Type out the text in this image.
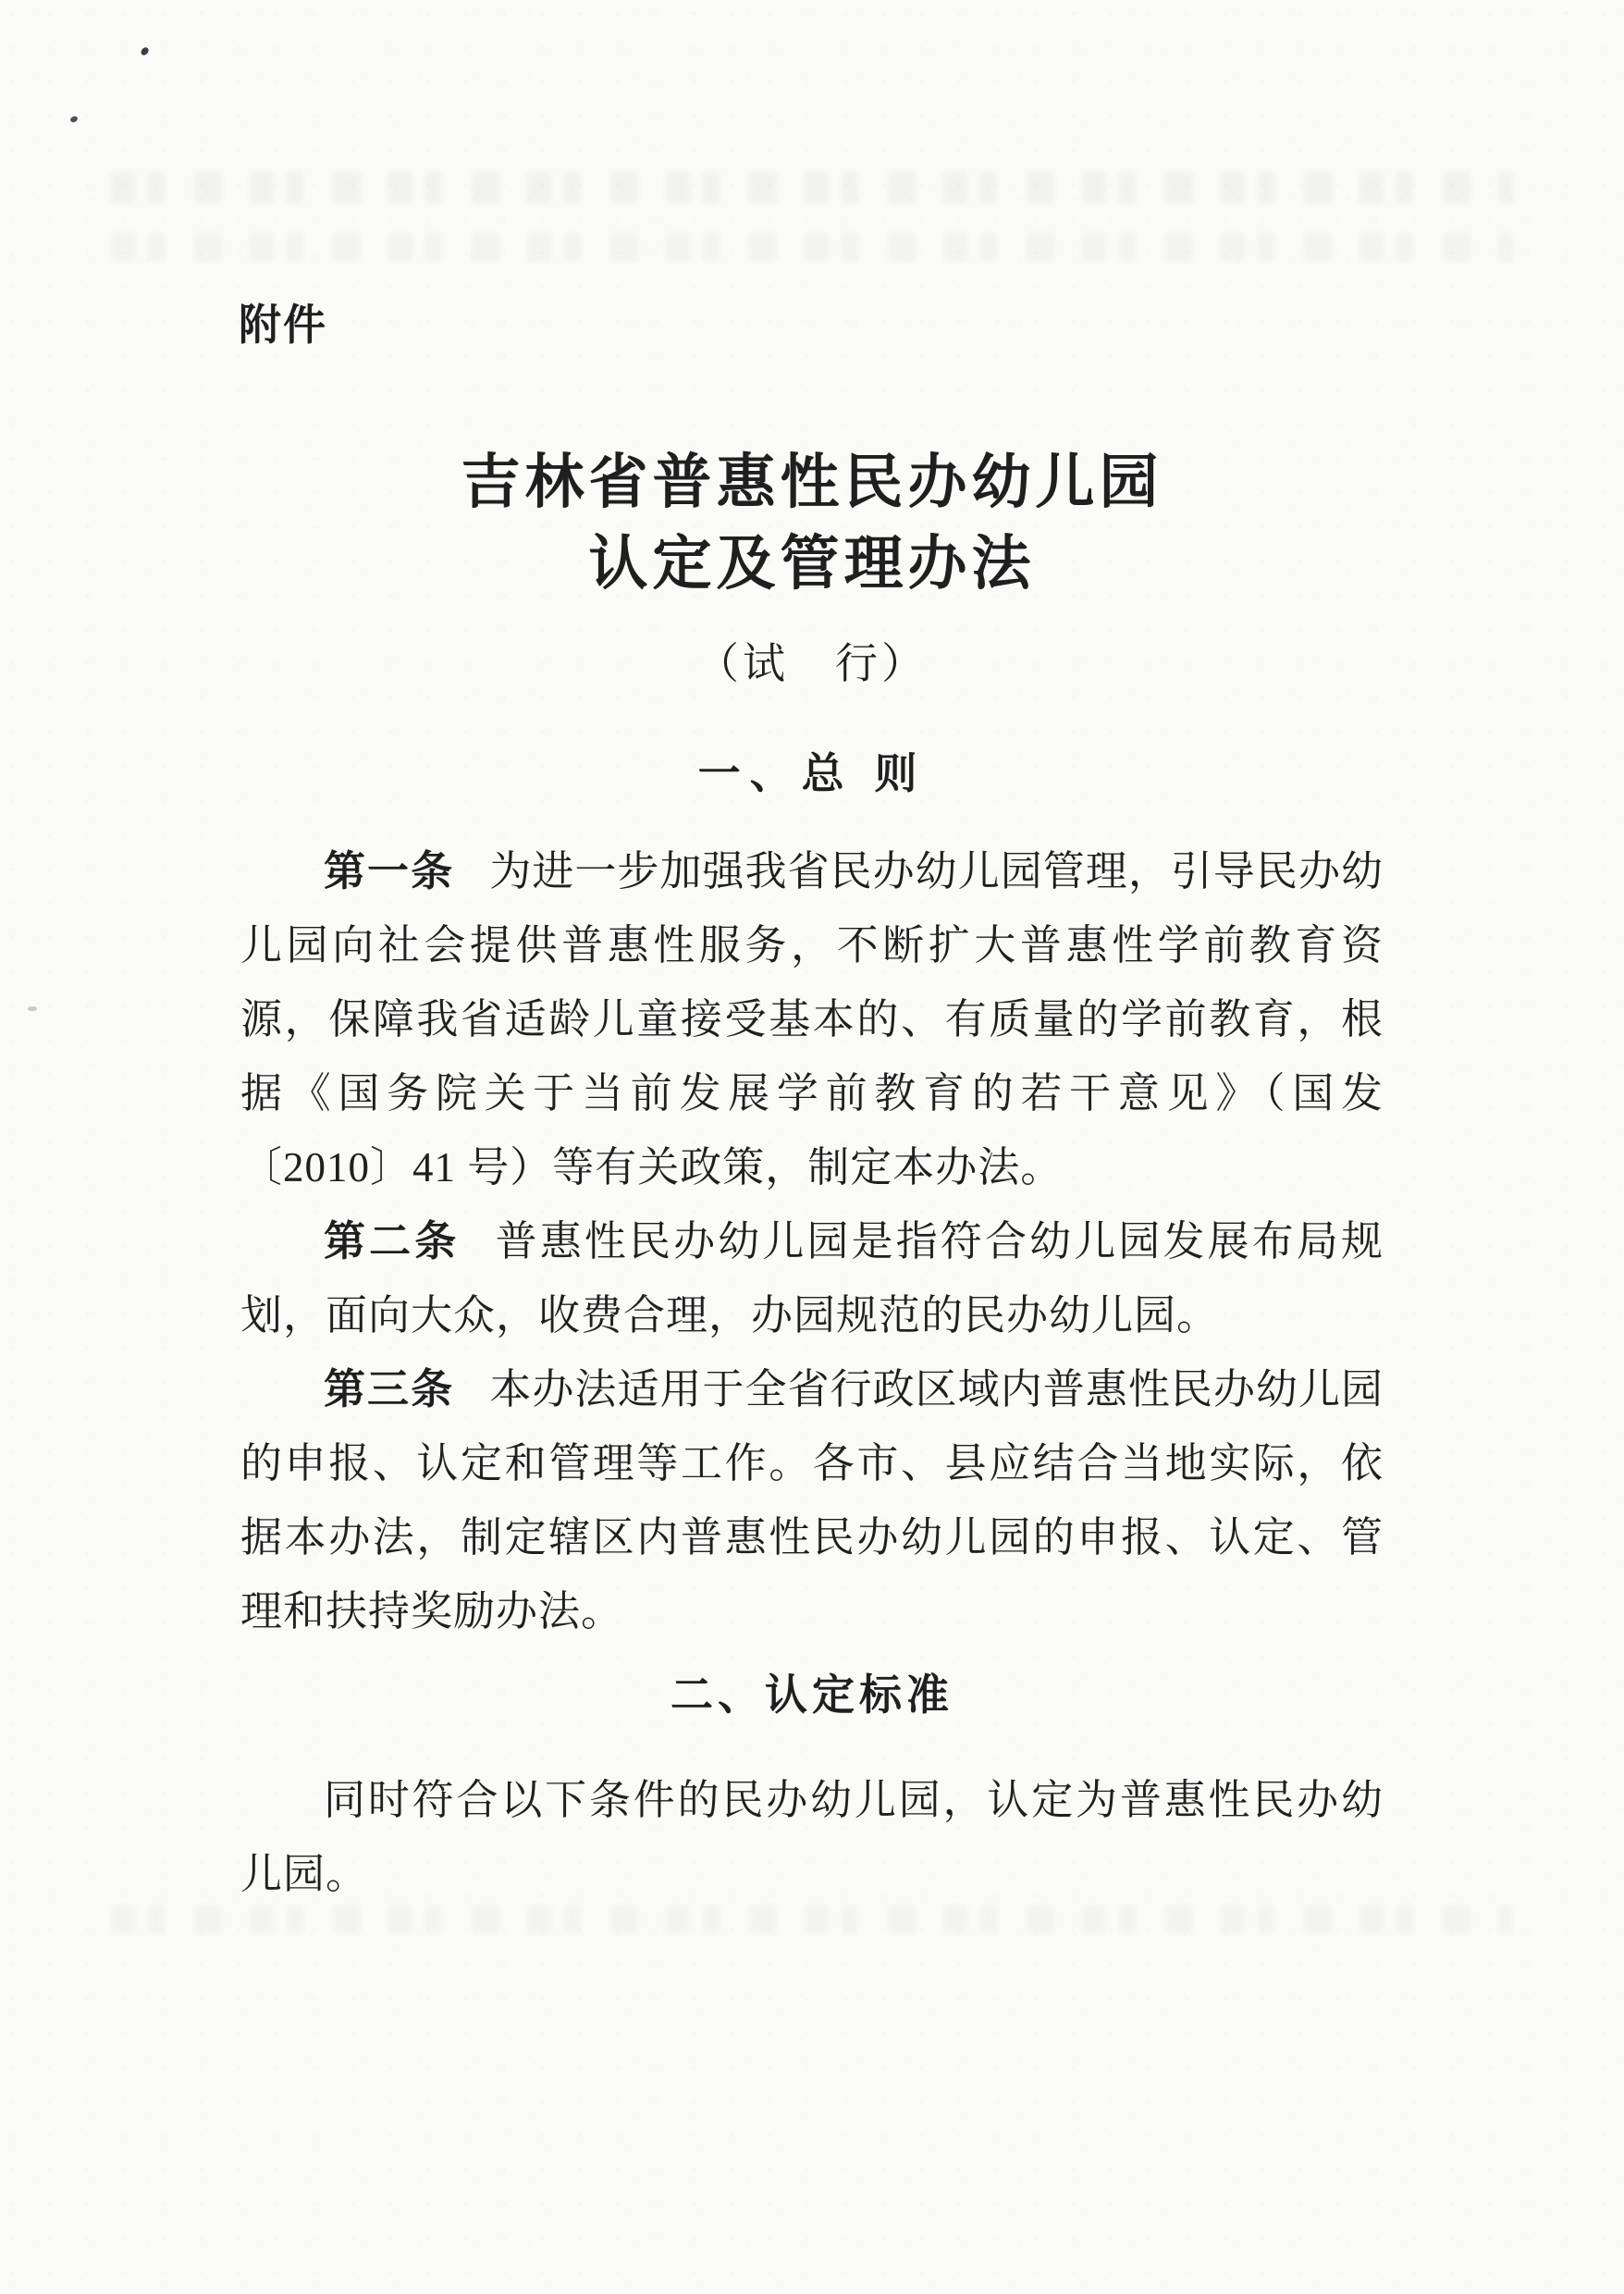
附件
吉林省普惠性民办幼儿园
认定及管理办法
（试　行）
一、总 则

第一条 为进一步加强我省民办幼儿园管理，引导民办幼儿园向社会提供普惠性服务，不断扩大普惠性学前教育资源，保障我省适龄儿童接受基本的、有质量的学前教育，根据《国务院关于当前发展学前教育的若干意见》（国发〔2010〕41 号）等有关政策，制定本办法。

第二条 普惠性民办幼儿园是指符合幼儿园发展布局规划，面向大众，收费合理，办园规范的民办幼儿园。

第三条 本办法适用于全省行政区域内普惠性民办幼儿园的申报、认定和管理等工作。各市、县应结合当地实际，依据本办法，制定辖区内普惠性民办幼儿园的申报、认定、管理和扶持奖励办法。

二、认定标准

同时符合以下条件的民办幼儿园，认定为普惠性民办幼儿园。
